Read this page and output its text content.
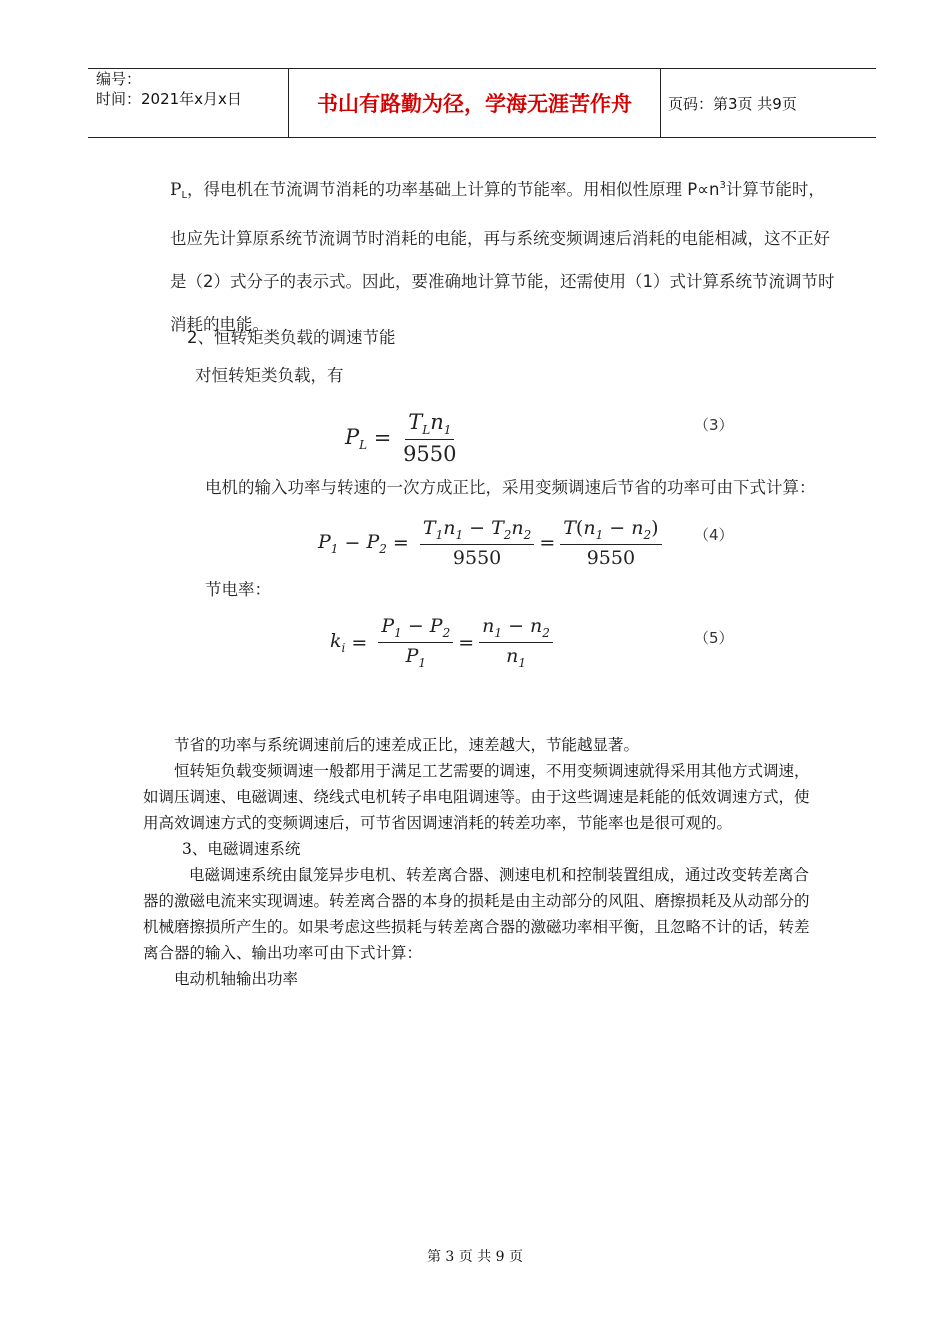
编号：
时间：2021年x月x日	书山有路勤为径，学海无涯苦作舟	页码：第3页 共9页
$P_L$，得电机在节流调节消耗的功率基础上计算的节能率。用相似性原理 $P\propto n^3$计算节能时，
也应先计算原系统节流调节时消耗的电能，再与系统变频调速后消耗的电能相减，这不正好
是（2）式分子的表示式。因此，要准确地计算节能，还需使用（1）式计算系统节流调节时
消耗的电能。
2、恒转矩类负载的调速节能
对恒转矩类负载，有
$P_L = \frac{T_Ln_1}{9550}$	（3）
电机的输入功率与转速的一次方成正比，采用变频调速后节省的功率可由下式计算：
$P_1 - P_2 = \frac{T_1n_1 - T_2n_2}{9550} = \frac{T(n_1 - n_2)}{9550} (4)$
节电率：
$k_i = \frac{P_1 - P_2}{P_1} = \frac{n_1 - n_2}{n_1}$	（5）

节省的功率与系统调速前后的速差成正比，速差越大，节能越显著。

恒转矩负载变频调速一般都用于满足工艺需要的调速，不用变频调速就得采用其他方式调速，如调压调速、电磁调速、绕线式电机转子串电阻调速等。由于这些调速是耗能的低效调速方式，使用高效调速方式的变频调速后，可节省因调速消耗的转差功率，节能率也是很可观的。

3、电磁调速系统

电磁调速系统由鼠笼异步电机、转差离合器、测速电机和控制装置组成，通过改变转差离合器的激磁电流来实现调速。转差离合器的本身的损耗是由主动部分的风阻、磨擦损耗及从动部分的机械磨擦损所产生的。如果考虑这些损耗与转差离合器的激磁功率相平衡，且忽略不计的话，转差离合器的输入、输出功率可由下式计算：

电动机轴输出功率

第 3 页 共 9 页
